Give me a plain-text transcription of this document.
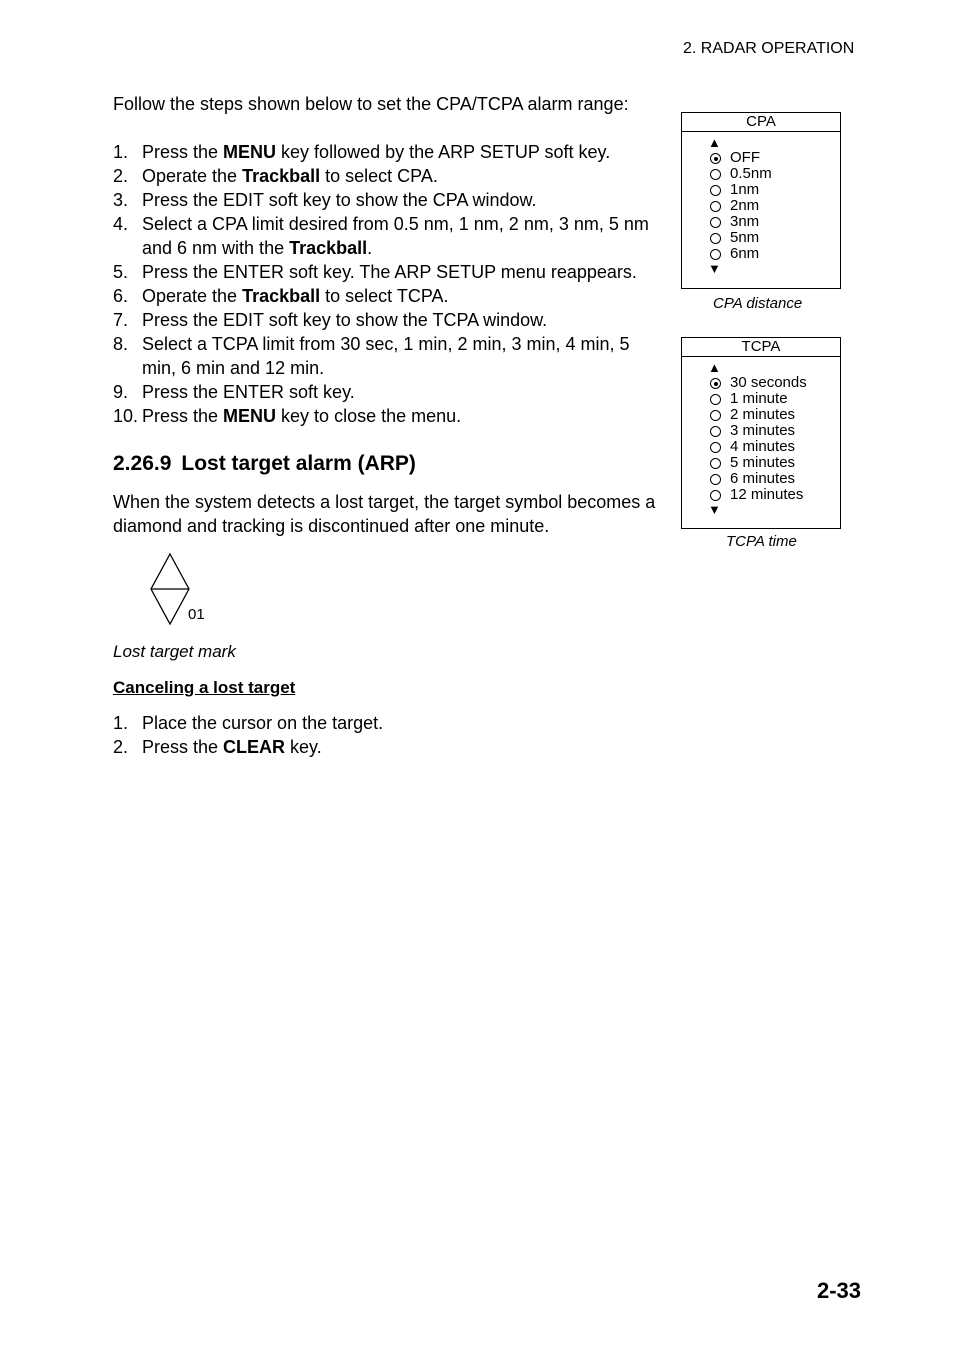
2. RADAR OPERATION
Follow the steps shown below to set the CPA/TCPA alarm range:
1. Press the MENU key followed by the ARP SETUP soft key.
2. Operate the Trackball to select CPA.
3. Press the EDIT soft key to show the CPA window.
4. Select a CPA limit desired from 0.5 nm, 1 nm, 2 nm, 3 nm, 5 nm and 6 nm with the Trackball.
5. Press the ENTER soft key. The ARP SETUP menu reappears.
6. Operate the Trackball to select TCPA.
7. Press the EDIT soft key to show the TCPA window.
8. Select a TCPA limit from 30 sec, 1 min, 2 min, 3 min, 4 min, 5 min, 6 min and 12 min.
9. Press the ENTER soft key.
10. Press the MENU key to close the menu.
2.26.9 Lost target alarm (ARP)
When the system detects a lost target, the target symbol becomes a diamond and tracking is discontinued after one minute.
01
Lost target mark
Canceling a lost target
1. Place the cursor on the target.
2. Press the CLEAR key.
CPA
▲
OFF
0.5nm
1nm
2nm
3nm
5nm
6nm
▼
CPA distance
TCPA
▲
30 seconds
1 minute
2 minutes
3 minutes
4 minutes
5 minutes
6 minutes
12 minutes
▼
TCPA time
2-33
